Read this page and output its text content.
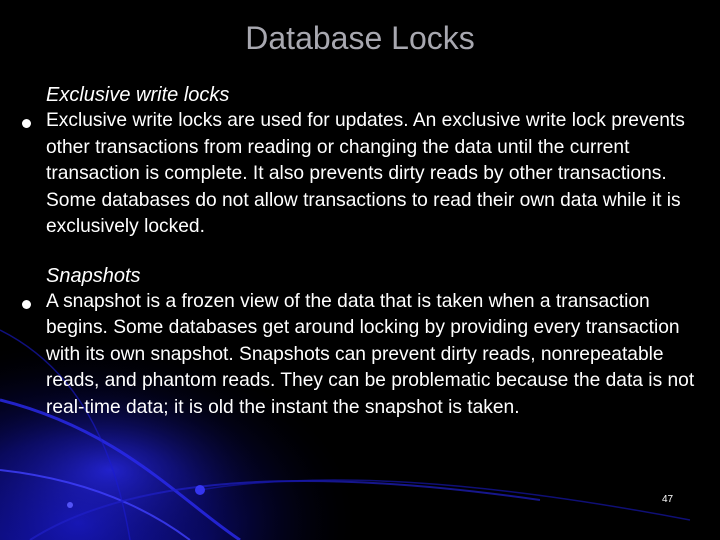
Database Locks
Exclusive write locks
Exclusive write locks are used for updates. An exclusive write lock prevents other transactions from reading or changing the data until the current transaction is complete. It also prevents dirty reads by other transactions. Some databases do not allow transactions to read their own data while it is exclusively locked.
Snapshots
A snapshot is a frozen view of the data that is taken when a transaction begins. Some databases get around locking by providing every transaction with its own snapshot. Snapshots can prevent dirty reads, nonrepeatable reads, and phantom reads. They can be problematic because the data is not real-time data; it is old the instant the snapshot is taken.
47
